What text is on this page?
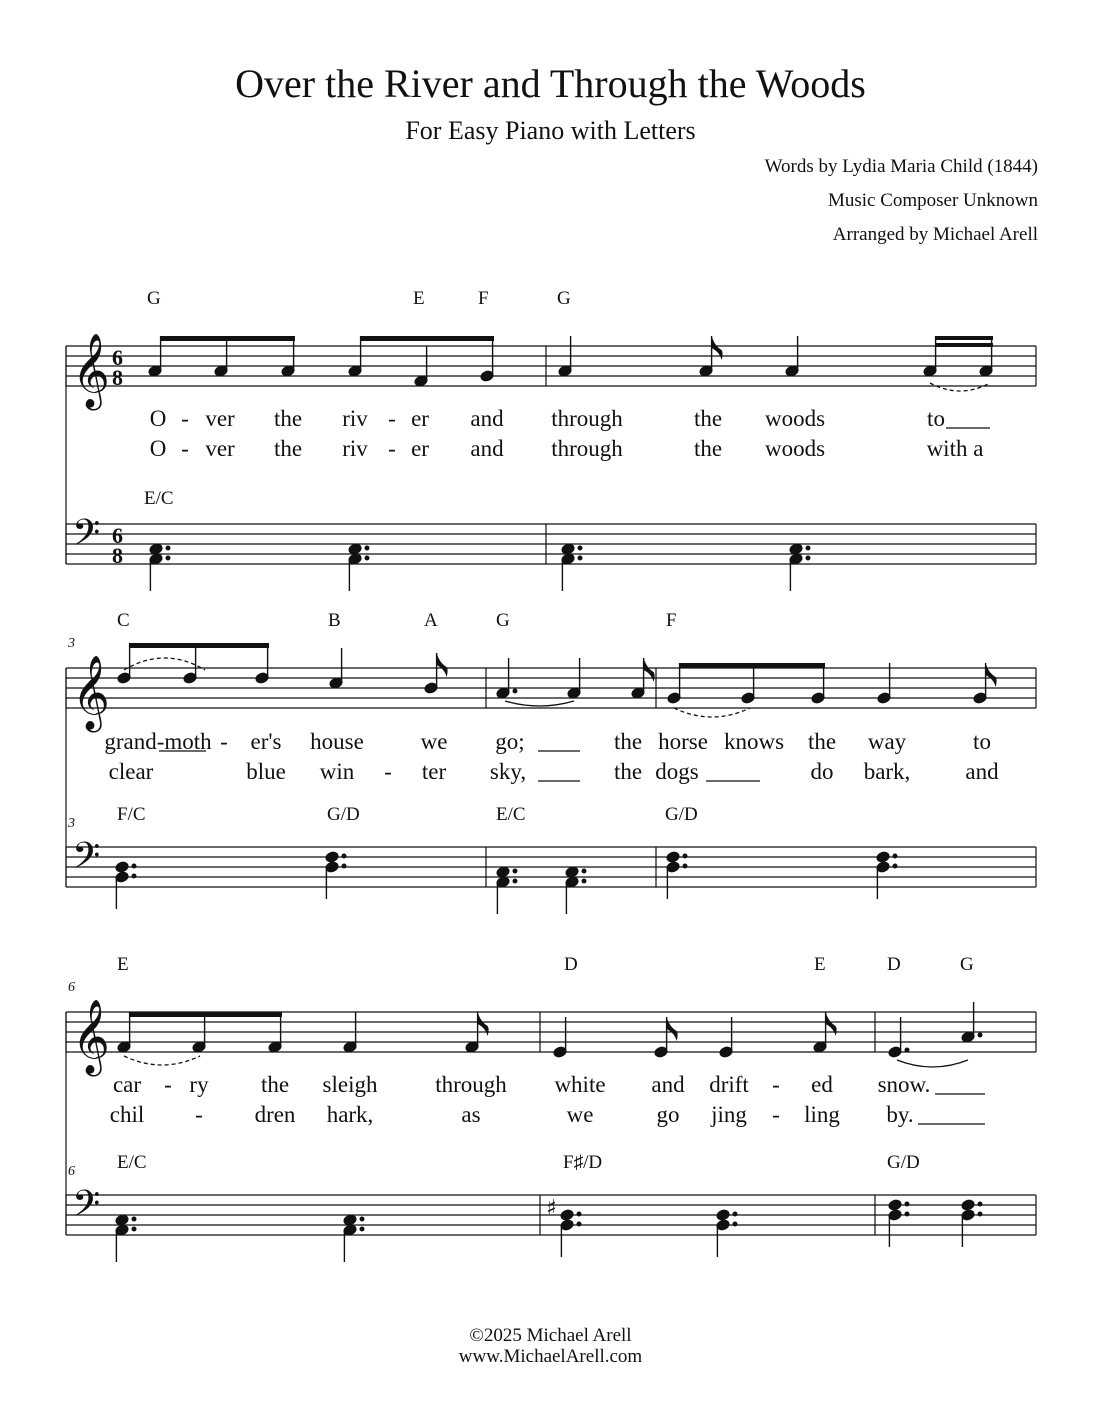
Over the River and Through the Woods
For Easy Piano with Letters
Words by Lydia Maria Child (1844)
Music Composer Unknown
Arranged by Michael Arell
G	E	F	G
E/C
O - ver the riv - er and through	the woods	to
O - ver the riv - er and through	the woods	with a
3
3
C	B	A	G	F
F/C	G/D	E/C	G/D
grand-moth - er's house we go;	the horse knows the way	to
clear	blue win - ter sky,	the dogs	do bark, and
6
6
E	D	E	D	G
E/C	F♯/D	G/D
car - ry the sleigh	through white and drift - ed snow.
chil - dren hark,	as	we	go jing - ling by.
©2025 Michael Arell
www.MichaelArell.com
𝄞
𝄢
6
8
6
8
𝄞
𝄢
𝄞
𝄢	♯
